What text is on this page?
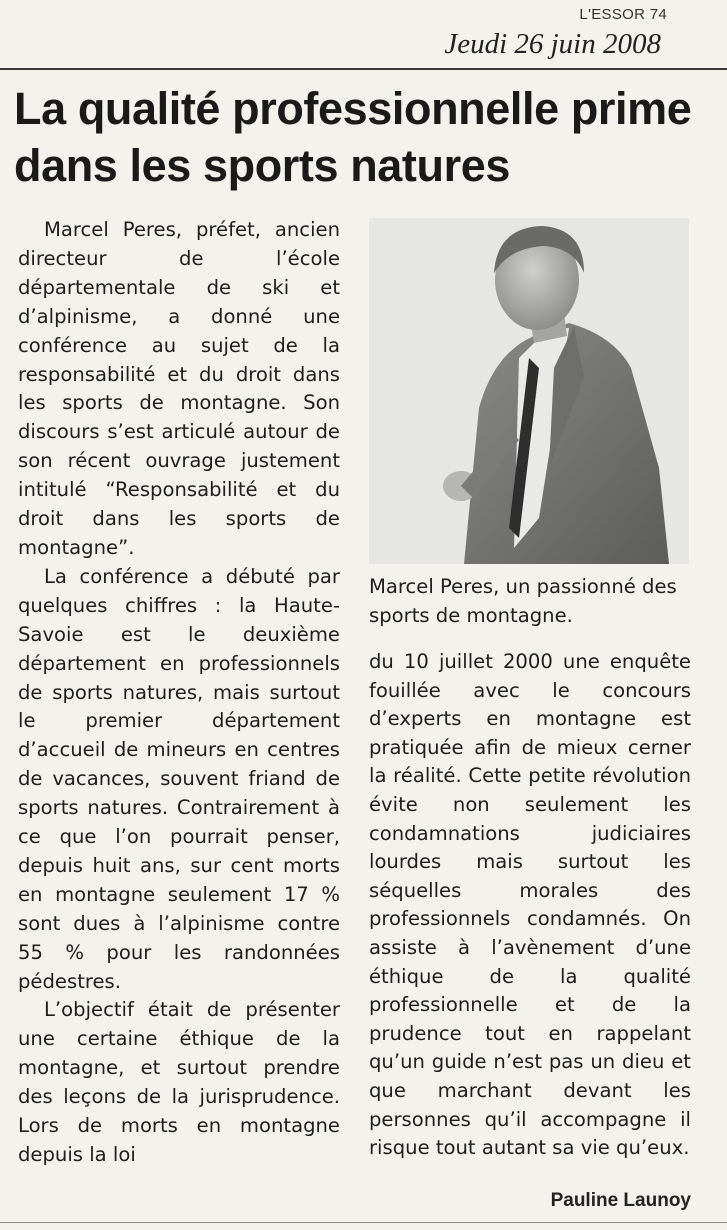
L'ESSOR 74
Jeudi 26 juin 2008
La qualité professionnelle prime dans les sports natures

Marcel Peres, préfet, ancien directeur de l’école départementale de ski et d’alpinisme, a donné une conférence au sujet de la responsabilité et du droit dans les sports de montagne. Son discours s’est articulé autour de son récent ouvrage justement intitulé “Responsabilité et du droit dans les sports de montagne”.

La conférence a débuté par quelques chiffres : la Haute-Savoie est le deuxième département en professionnels de sports natures, mais surtout le premier département d’accueil de mineurs en centres de vacances, souvent friand de sports natures. Contrairement à ce que l’on pourrait penser, depuis huit ans, sur cent morts en montagne seulement 17 % sont dues à l’alpinisme contre 55 % pour les randonnées pédestres.

L’objectif était de présenter une certaine éthique de la montagne, et surtout prendre des leçons de la jurisprudence. Lors de morts en montagne depuis la loi

Marcel Peres, un passionné des sports de montagne.

du 10 juillet 2000 une enquête fouillée avec le concours d’experts en montagne est pratiquée afin de mieux cerner la réalité. Cette petite révolution évite non seulement les condamnations judiciaires lourdes mais surtout les séquelles morales des professionnels condamnés. On assiste à l’avènement d’une éthique de la qualité professionnelle et de la prudence tout en rappelant qu’un guide n’est pas un dieu et que marchant devant les personnes qu’il accompagne il risque tout autant sa vie qu’eux.

Pauline Launoy
